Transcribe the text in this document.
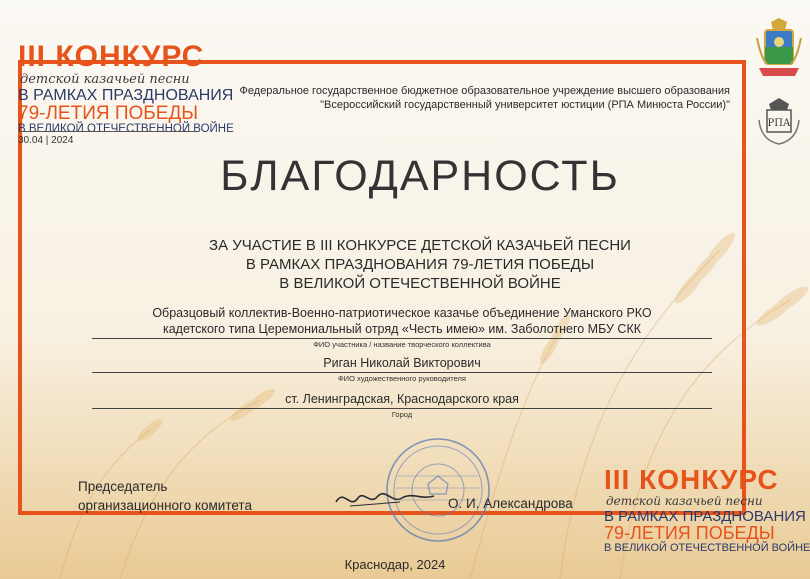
III КОНКУРС
детской казачьей песни
В РАМКАХ ПРАЗДНОВАНИЯ
79-ЛЕТИЯ ПОБЕДЫ
В ВЕЛИКОЙ ОТЕЧЕСТВЕННОЙ ВОЙНЕ
30.04 | 2024
РПА
Федеральное государственное бюджетное образовательное учреждение высшего образования
"Всероссийский государственный университет юстиции (РПА Минюста России)"
БЛАГОДАРНОСТЬ
ЗА УЧАСТИЕ В III КОНКУРСЕ ДЕТСКОЙ КАЗАЧЬЕЙ ПЕСНИ
В РАМКАХ ПРАЗДНОВАНИЯ 79-ЛЕТИЯ ПОБЕДЫ
В ВЕЛИКОЙ ОТЕЧЕСТВЕННОЙ ВОЙНЕ
Образцовый коллектив-Военно-патриотическое казачье объединение Уманского РКО
кадетского типа Церемониальный отряд «Честь имею» им. Заболотнего МБУ СКК
ФИО участника / название творческого коллектива
Риган Николай Викторович
ФИО художественного руководителя
ст. Ленинградская, Краснодарского края
Город
Председатель
организационного комитета	О. И. Александрова
III КОНКУРС
детской казачьей песни
В РАМКАХ ПРАЗДНОВАНИЯ
79-ЛЕТИЯ ПОБЕДЫ
В ВЕЛИКОЙ ОТЕЧЕСТВЕННОЙ ВОЙНЕ
Краснодар, 2024
